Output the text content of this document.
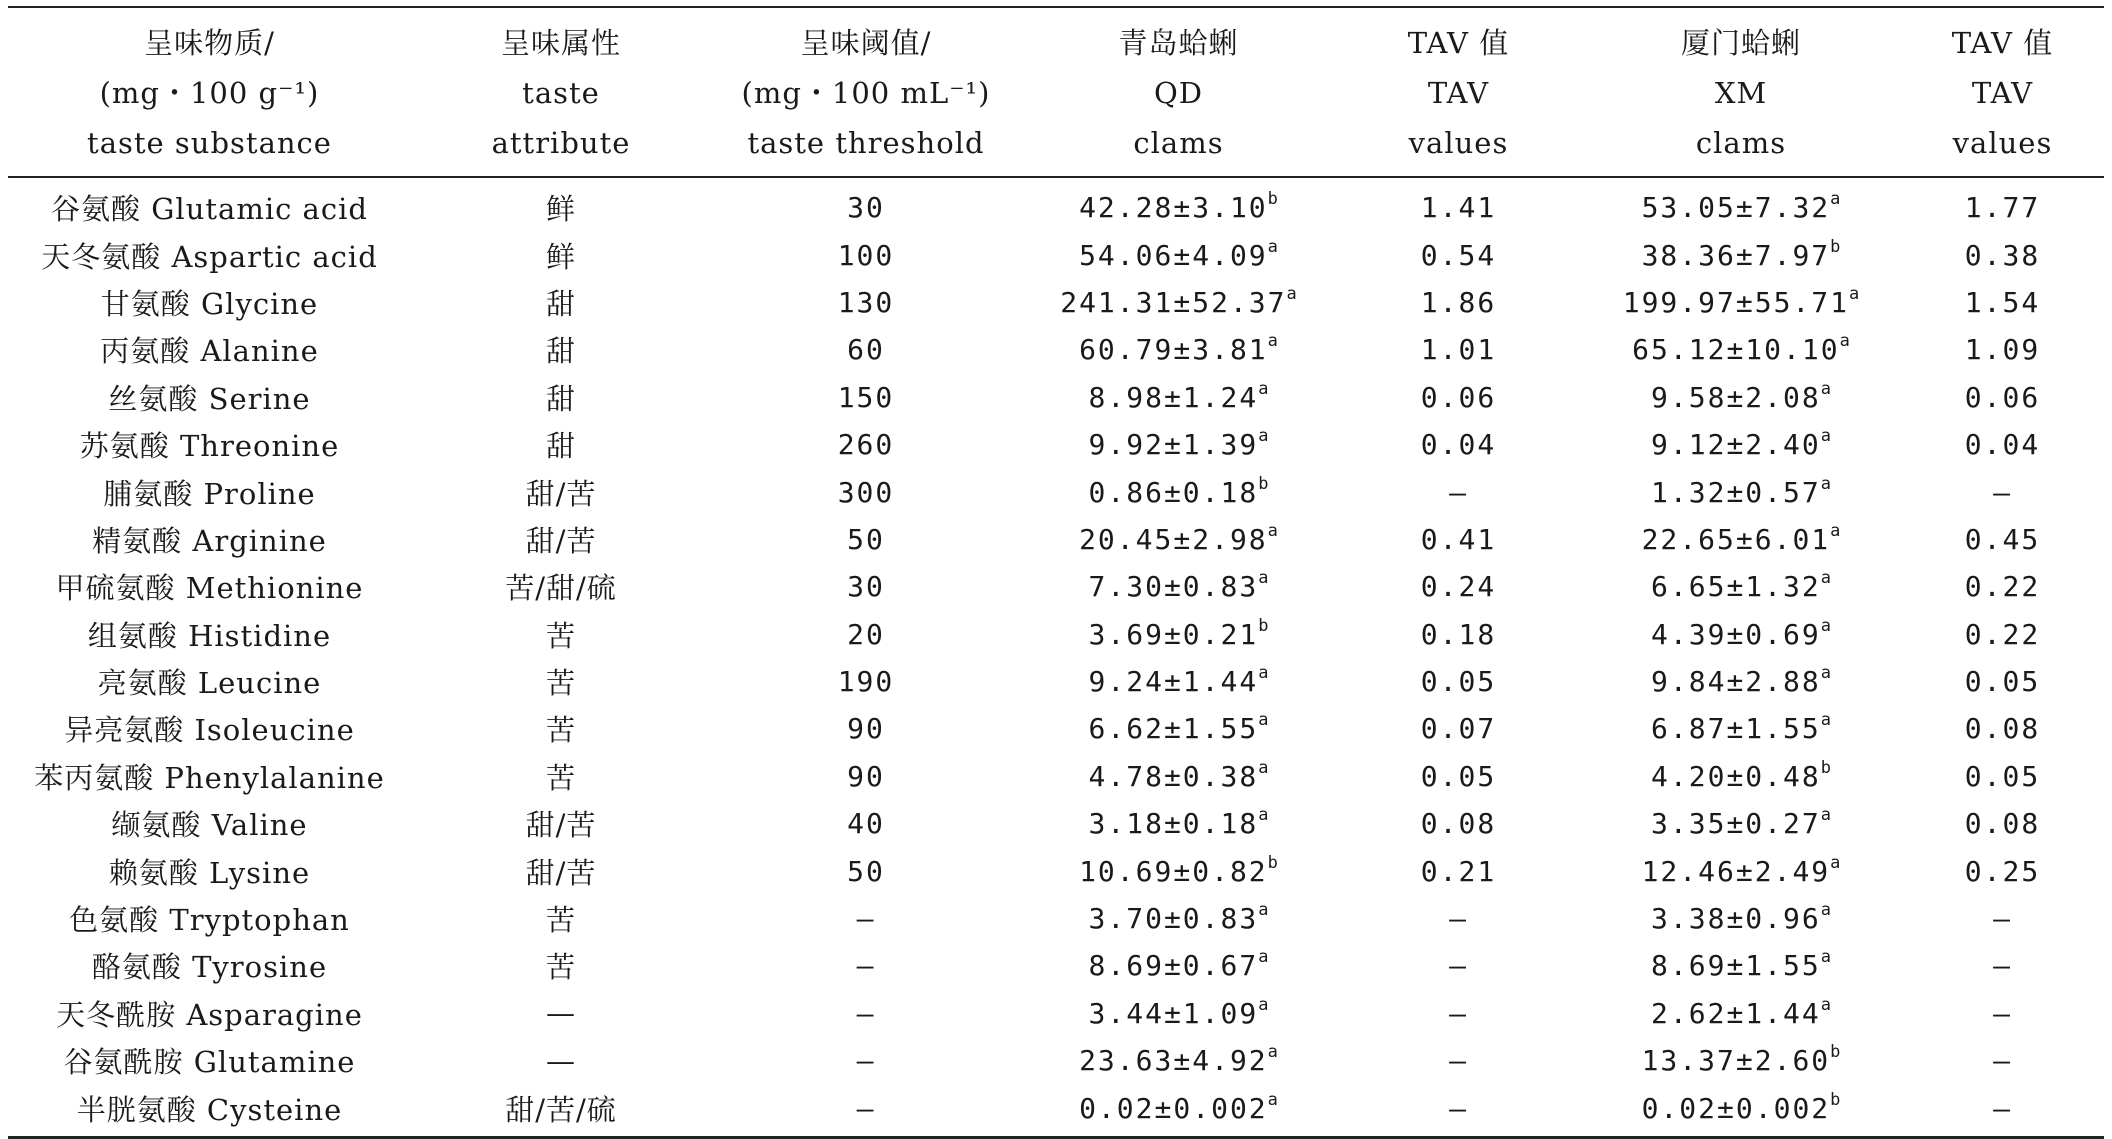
呈味物质/	呈味属性	呈味阈值/	青岛蛤蜊	TAV 值	厦门蛤蜊	TAV 值
(mg・100 g⁻¹)	taste	(mg・100 mL⁻¹)	QD	TAV	XM	TAV
taste substance	attribute	taste threshold	clams	values	clams	values
谷氨酸 Glutamic acid	鲜	30	42.28±3.10$^b$	1.41	53.05±7.32$^a$	1.77
天冬氨酸 Aspartic acid	鲜	100	54.06±4.09$^a$	0.54	38.36±7.97$^b$	0.38
甘氨酸 Glycine	甜	130	241.31±52.37$^a$	1.86	199.97±55.71$^a$	1.54
丙氨酸 Alanine	甜	60	60.79±3.81$^a$	1.01	65.12±10.10$^a$	1.09
丝氨酸 Serine	甜	150	8.98±1.24$^a$	0.06	9.58±2.08$^a$	0.06
苏氨酸 Threonine	甜	260	9.92±1.39$^a$	0.04	9.12±2.40$^a$	0.04
脯氨酸 Proline	甜/苦	300	0.86±0.18$^b$	—	1.32±0.57$^a$	—
精氨酸 Arginine	甜/苦	50	20.45±2.98$^a$	0.41	22.65±6.01$^a$	0.45
甲硫氨酸 Methionine	苦/甜/硫	30	7.30±0.83$^a$	0.24	6.65±1.32$^a$	0.22
组氨酸 Histidine	苦	20	3.69±0.21$^b$	0.18	4.39±0.69$^a$	0.22
亮氨酸 Leucine	苦	190	9.24±1.44$^a$	0.05	9.84±2.88$^a$	0.05
异亮氨酸 Isoleucine	苦	90	6.62±1.55$^a$	0.07	6.87±1.55$^a$	0.08
苯丙氨酸 Phenylalanine	苦	90	4.78±0.38$^a$	0.05	4.20±0.48$^b$	0.05
缬氨酸 Valine	甜/苦	40	3.18±0.18$^a$	0.08	3.35±0.27$^a$	0.08
赖氨酸 Lysine	甜/苦	50	10.69±0.82$^b$	0.21	12.46±2.49$^a$	0.25
色氨酸 Tryptophan	苦	—	3.70±0.83$^a$	—	3.38±0.96$^a$	—
酪氨酸 Tyrosine	苦	—	8.69±0.67$^a$	—	8.69±1.55$^a$	—
天冬酰胺 Asparagine	—	—	3.44±1.09$^a$	—	2.62±1.44$^a$	—
谷氨酰胺 Glutamine	—	—	23.63±4.92$^a$	—	13.37±2.60$^b$	—
半胱氨酸 Cysteine	甜/苦/硫	—	0.02±0.002$^a$	—	0.02±0.002$^b$	—
